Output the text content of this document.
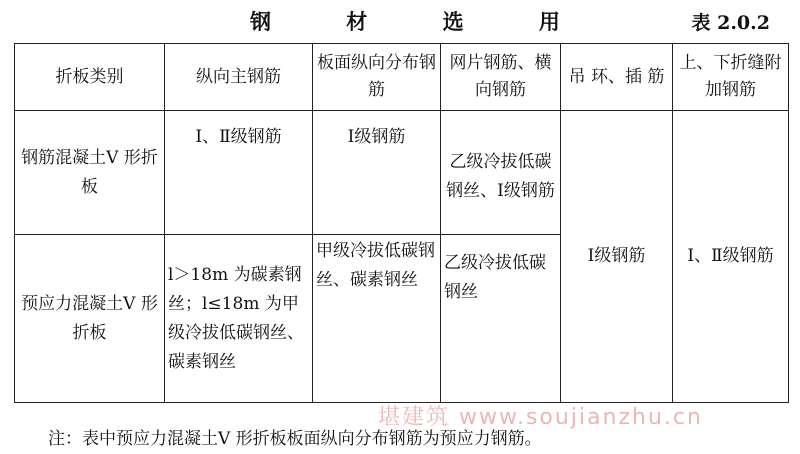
钢 材 选 用	表 2.0.2
折板类别	纵向主钢筋	板面纵向分布钢筋	网片钢筋、横向钢筋	吊 环、插 筋	上、下折缝附加钢筋
钢筋混凝土V 形折板	Ⅰ、Ⅱ级钢筋	Ⅰ级钢筋	乙级冷拔低碳钢丝、Ⅰ级钢筋	Ⅰ级钢筋	Ⅰ、Ⅱ级钢筋
预应力混凝土V 形折板	l＞18m 为碳素钢丝；l≤18m 为甲级冷拔低碳钢丝、碳素钢丝	甲级冷拔低碳钢丝、碳素钢丝	乙级冷拔低碳钢丝		
注：表中预应力混凝土V 形折板板面纵向分布钢筋为预应力钢筋。
堪建筑 www.soujianzhu.cn
